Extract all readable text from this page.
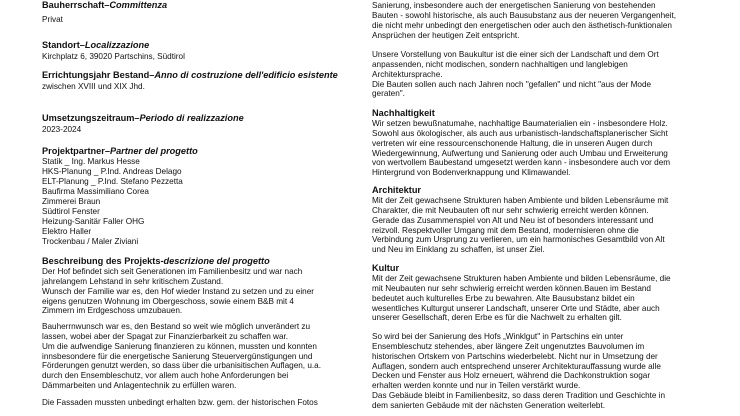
Bauherrschaft–Committenza
Privat
Standort–Localizzazione
Kirchplatz 6, 39020 Partschins, Südtirol
Errichtungsjahr Bestand–Anno di costruzione dell'edificio esistente
zwischen XVIII und XIX Jhd.
Umsetzungszeitraum–Periodo di realizzazione
2023-2024
Projektpartner–Partner del progetto
Statik _ Ing. Markus Hesse
HKS-Planung _ P.Ind. Andreas Delago
ELT-Planung _ P.Ind. Stefano Pezzetta
Baufirma Massimiliano Corea
Zimmerei Braun
Südtirol Fenster
Heizung-Sanitär Faller OHG
Elektro Haller
Trockenbau / Maler Ziviani
Beschreibung des Projekts-descrizione del progetto
Der Hof befindet sich seit Generationen im Familienbesitz und war nach
jahrelangem Lehstand in sehr kritischem Zustand.
Wunsch der Familie war es, den Hof wieder Instand zu setzen und zu einer
eigens genutzen Wohnung im Obergeschoss, sowie einem B&B mit 4
Zimmern im Erdgeschoss umzubauen.
Bauherrnwunsch war es, den Bestand so weit wie möglich unverändert zu
lassen, wobei aber der Spagat zur Finanzierbarkeit zu schaffen war.
Um die aufwendige Sanierung finanzieren zu können, mussten und konnten
innsbesondere für die energetische Sanierung Steuervergünstigungen und
Förderungen genutzt werden, so dass über die urbanisitischen Auflagen, u.a.
durch den Ensembleschutz, vor allem auch hohe Anforderungen bei
Dämmarbeiten und Anlagentechnik zu erfüllen waren.
Die Fassaden mussten unbedingt erhalten bzw. gem. der historischen Fotos
Sanierung, insbesondere auch der energetischen Sanierung von bestehenden
Bauten - sowohl historische, als auch Bausubstanz aus der neueren Vergangenheit,
die nicht mehr unbedingt den energetischen oder auch den ästhetisch-funktionalen
Ansprüchen der heutigen Zeit entspricht.
Unsere Vorstellung von Baukultur ist die einer sich der Landschaft und dem Ort
anpassenden, nicht modischen, sondern nachhaltigen und langlebigen
Architektursprache.
Die Bauten sollen auch nach Jahren noch "gefallen" und nicht "aus der Mode
geraten".
Nachhaltigkeit
Wir setzen bewußnatumahe, nachhaltige Baumaterialien ein - insbesondere Holz.
Sowohl aus ökologischer, als auch aus urbanistisch-landschaftsplanerischer Sicht
vertreten wir eine ressourcenschonende Haltung, die in unseren Augen durch
Wiedergewinnung, Aufwertung und Sanierung oder auch Umbau und Erweiterung
von wertvollem Baubestand umgesetzt werden kann - insbesondere auch vor dem
Hintergrund von Bodenverknappung und Klimawandel.
Architektur
Mit der Zeit gewachsene Strukturen haben Ambiente und bilden Lebensräume mit
Charakter, die mit Neubauten oft nur sehr schwierig erreicht werden können.
Gerade das Zusammenspiel von Alt und Neu ist of besonders interessant und
reizvoll. Respektvoller Umgang mit dem Bestand, modernisieren ohne die
Verbindung zum Ursprung zu verlieren, um ein harmonisches Gesamtbild von Alt
und Neu im Einklang zu schaffen, ist unser Ziel.
Kultur
Mit der Zeit gewachsene Strukturen haben Ambiente und bilden Lebensräume, die
mit Neubauten nur sehr schwierig erreicht werden können.Bauen im Bestand
bedeutet auch kulturelles Erbe zu bewahren. Alte Bausubstanz bildet ein
wesentliches Kulturgut unserer Landschaft, unserer Orte und Städte, aber auch
unserer Gesellschaft, deren Erbe es für die Nachwelt zu erhalten gilt.
So wird bei der Sanierung des Hofs „Winklgut" in Partschins ein unter
Ensembleschutz stehendes, aber längere Zeit ungenutztes Bauvolumen im
historischen Ortskern von Partschins wiederbelebt. Nicht nur in Umsetzung der
Auflagen, sondern auch entsprechend unserer Architekturauffassung wurde alle
Decken und Fenster aus Holz erneuert, während die Dachkonstruktion sogar
erhalten werden konnte und nur in Teilen verstärkt wurde.
Das Gebäude bleibt in Familienbesitz, so dass deren Tradition und Geschichte in
dem sanierten Gebäude mit der nächsten Generation weiterlebt.
